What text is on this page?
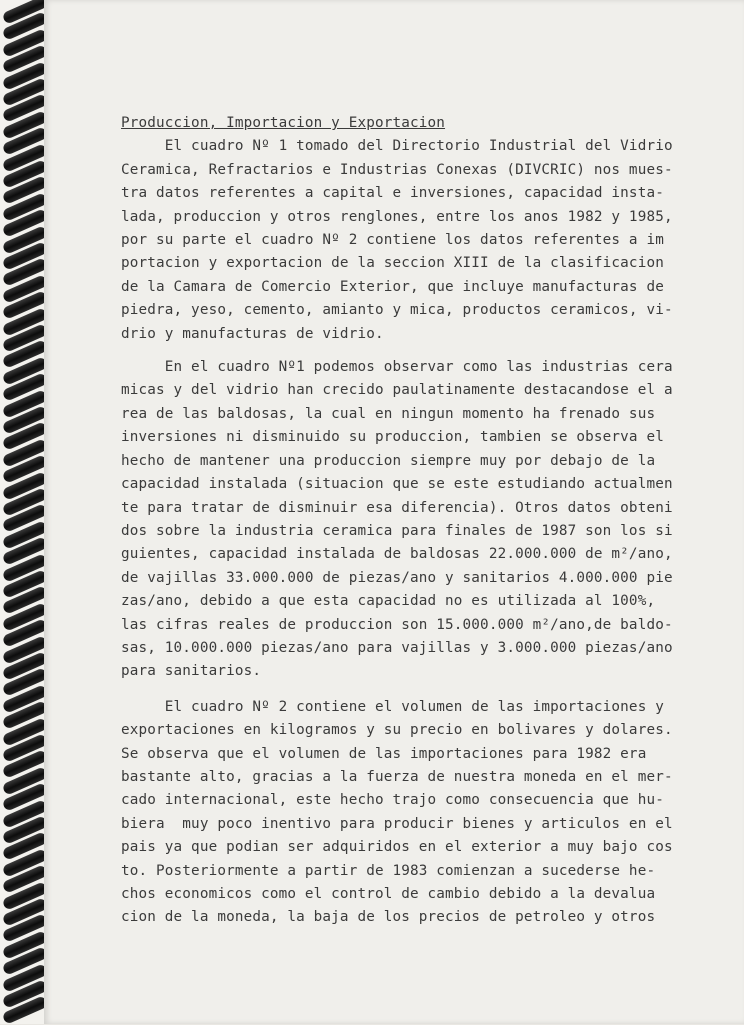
Produccion, Importacion y Exportacion
El cuadro Nº 1 tomado del Directorio Industrial del Vidrio
Ceramica, Refractarios e Industrias Conexas (DIVCRIC) nos mues-
tra datos referentes a capital e inversiones, capacidad insta-
lada, produccion y otros renglones, entre los anos 1982 y 1985,
por su parte el cuadro Nº 2 contiene los datos referentes a im
portacion y exportacion de la seccion XIII de la clasificacion
de la Camara de Comercio Exterior, que incluye manufacturas de
piedra, yeso, cemento, amianto y mica, productos ceramicos, vi-
drio y manufacturas de vidrio.
En el cuadro Nº1 podemos observar como las industrias cera
micas y del vidrio han crecido paulatinamente destacandose el a
rea de las baldosas, la cual en ningun momento ha frenado sus
inversiones ni disminuido su produccion, tambien se observa el
hecho de mantener una produccion siempre muy por debajo de la
capacidad instalada (situacion que se este estudiando actualmen
te para tratar de disminuir esa diferencia). Otros datos obteni
dos sobre la industria ceramica para finales de 1987 son los si
guientes, capacidad instalada de baldosas 22.000.000 de m²/ano,
de vajillas 33.000.000 de piezas/ano y sanitarios 4.000.000 pie
zas/ano, debido a que esta capacidad no es utilizada al 100%,
las cifras reales de produccion son 15.000.000 m²/ano,de baldo-
sas, 10.000.000 piezas/ano para vajillas y 3.000.000 piezas/ano
para sanitarios.
El cuadro Nº 2 contiene el volumen de las importaciones y
exportaciones en kilogramos y su precio en bolivares y dolares.
Se observa que el volumen de las importaciones para 1982 era
bastante alto, gracias a la fuerza de nuestra moneda en el mer-
cado internacional, este hecho trajo como consecuencia que hu-
biera  muy poco inentivo para producir bienes y articulos en el
pais ya que podian ser adquiridos en el exterior a muy bajo cos
to. Posteriormente a partir de 1983 comienzan a sucederse he-
chos economicos como el control de cambio debido a la devalua
cion de la moneda, la baja de los precios de petroleo y otros
